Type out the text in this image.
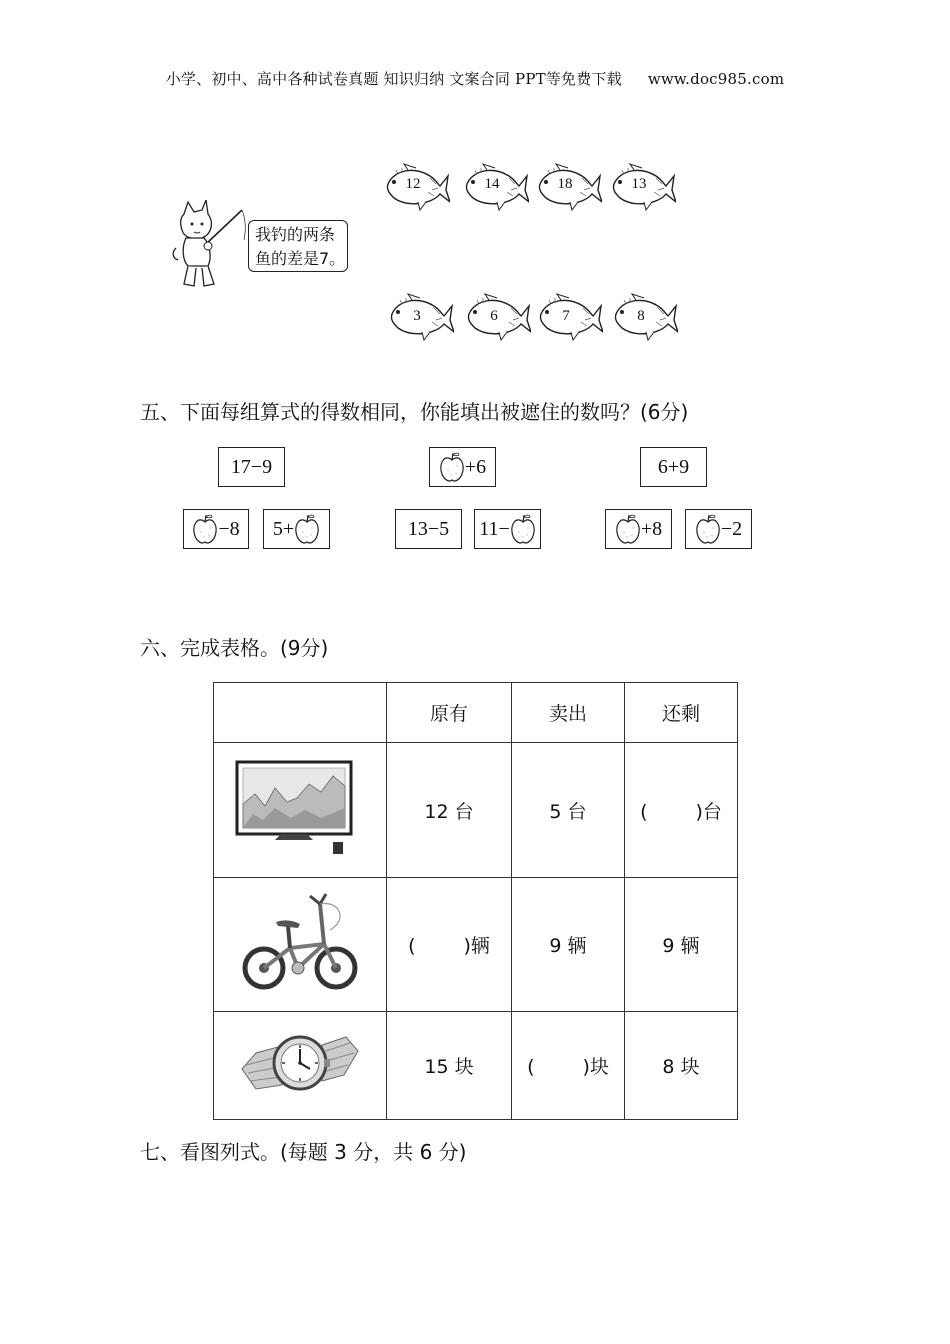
小学、初中、高中各种试卷真题 知识归纳 文案合同 PPT等免费下载 www.doc985.com
我钓的两条鱼的差是7。
12	14	18	13
3	6	7	8
五、下面每组算式的得数相同，你能填出被遮住的数吗？(6分)
17−9
−8 5+
+6
13−5	11−
6+9
+8	−2
六、完成表格。(9分)
	原有	卖出	还剩
	12 台	5 台	( )台
	( )辆	9 辆	9 辆
	15 块	( )块	8 块
七、看图列式。(每题 3 分，共 6 分)
